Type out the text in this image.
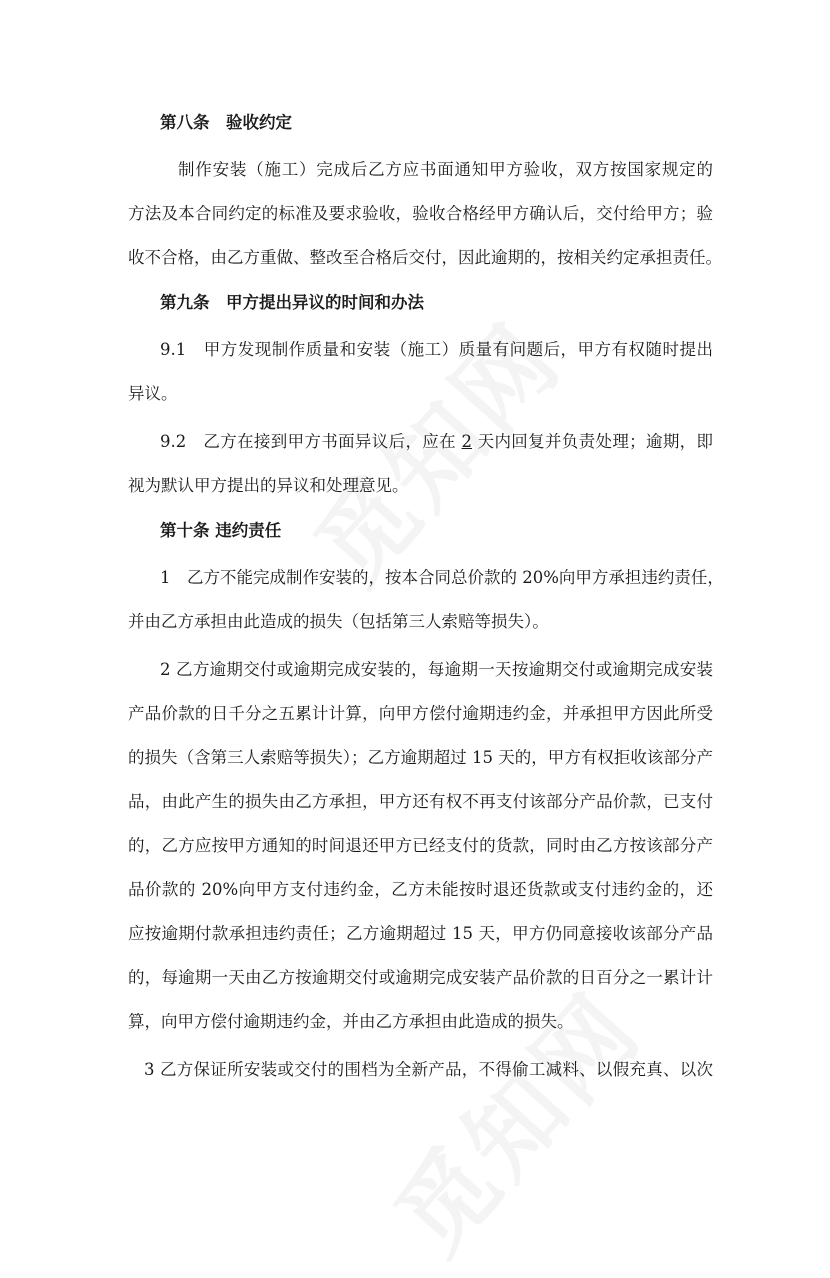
第八条　验收约定

制作安装（施工）完成后乙方应书面通知甲方验收，双方按国家规定的
方法及本合同约定的标准及要求验收，验收合格经甲方确认后，交付给甲方；验
收不合格，由乙方重做、整改至合格后交付，因此逾期的，按相关约定承担责任。

第九条　甲方提出异议的时间和办法

9.1　甲方发现制作质量和安装（施工）质量有问题后，甲方有权随时提出
异议。

9.2　乙方在接到甲方书面异议后，应在 2 天内回复并负责处理；逾期，即
视为默认甲方提出的异议和处理意见。

第十条 违约责任

1　乙方不能完成制作安装的，按本合同总价款的 20%向甲方承担违约责任，
并由乙方承担由此造成的损失（包括第三人索赔等损失）。

2 乙方逾期交付或逾期完成安装的，每逾期一天按逾期交付或逾期完成安装
产品价款的日千分之五累计计算，向甲方偿付逾期违约金，并承担甲方因此所受
的损失（含第三人索赔等损失）；乙方逾期超过 15 天的，甲方有权拒收该部分产
品，由此产生的损失由乙方承担，甲方还有权不再支付该部分产品价款，已支付
的，乙方应按甲方通知的时间退还甲方已经支付的货款，同时由乙方按该部分产
品价款的 20%向甲方支付违约金，乙方未能按时退还货款或支付违约金的，还
应按逾期付款承担违约责任；乙方逾期超过 15 天，甲方仍同意接收该部分产品
的，每逾期一天由乙方按逾期交付或逾期完成安装产品价款的日百分之一累计计
算，向甲方偿付逾期违约金，并由乙方承担由此造成的损失。

3 乙方保证所安装或交付的围档为全新产品，不得偷工减料、以假充真、以次
